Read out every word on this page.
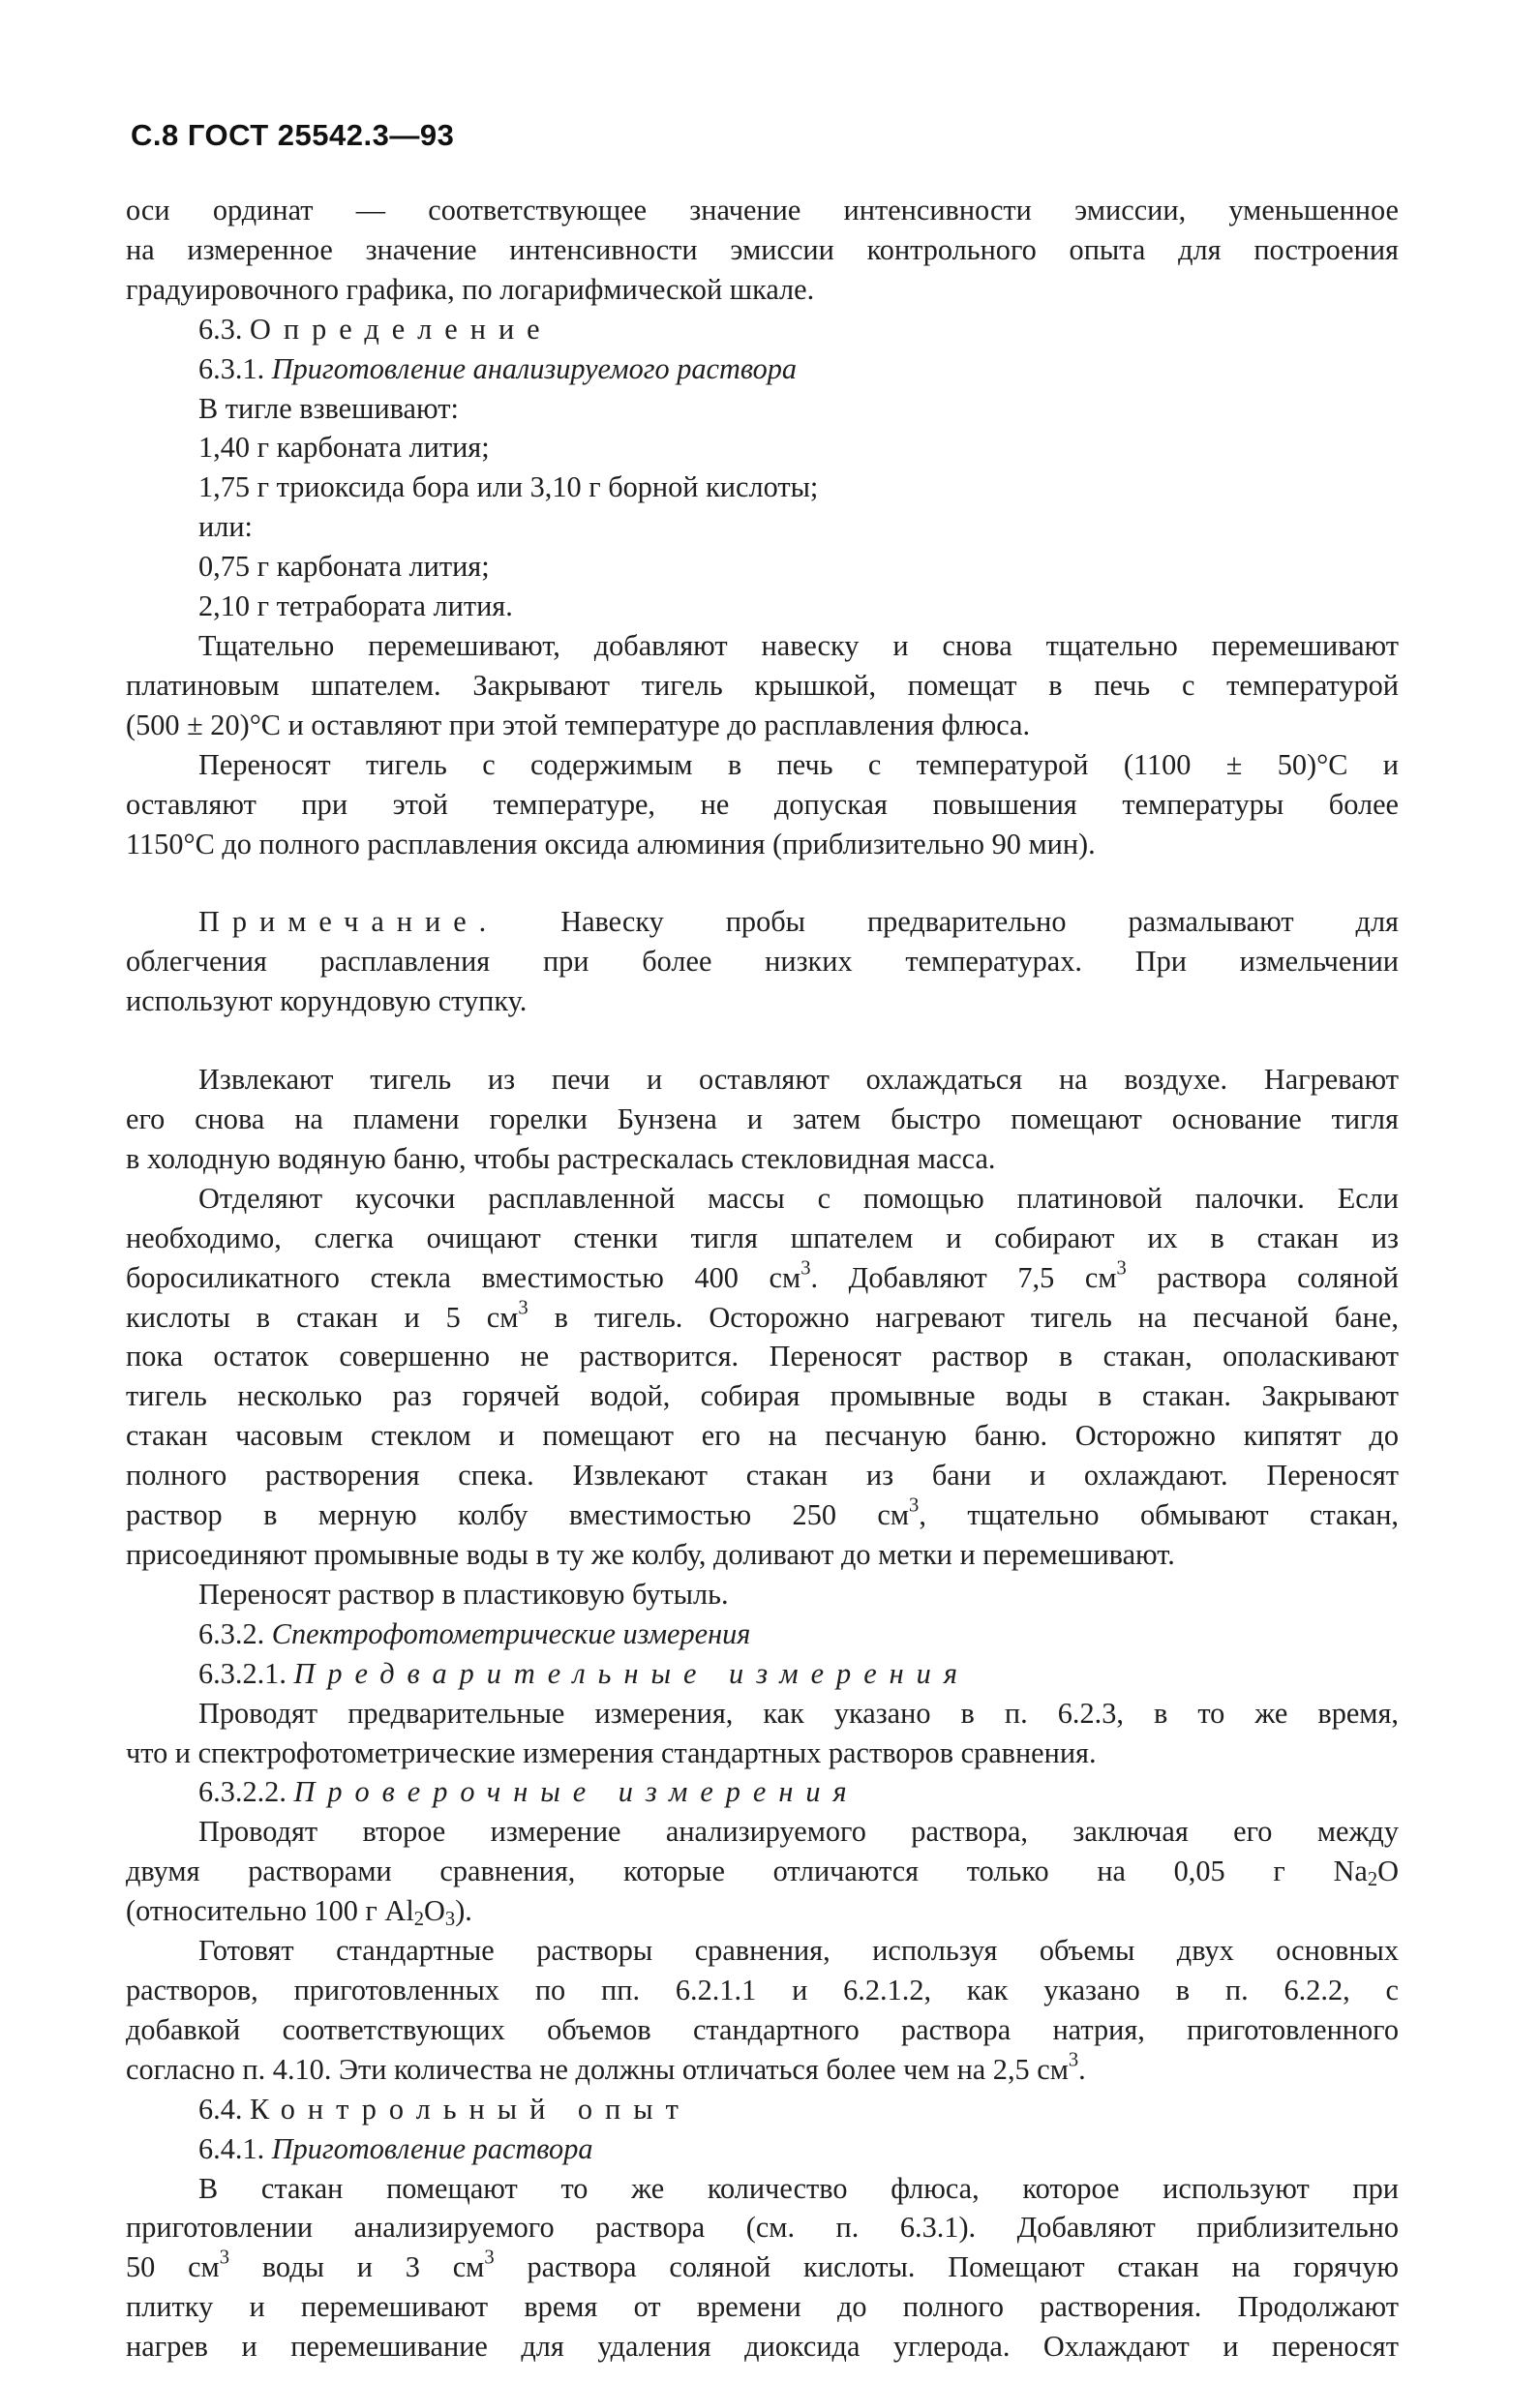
С.8 ГОСТ 25542.3—93

оси ординат — соответствующее значение интенсивности эмиссии, уменьшенное

на измеренное значение интенсивности эмиссии контрольного опыта для построения

градуировочного графика, по логарифмической шкале.

6.3. Определение

6.3.1. Приготовление анализируемого раствора

В тигле взвешивают:

1,40 г карбоната лития;

1,75 г триоксида бора или 3,10 г борной кислоты;

или:

0,75 г карбоната лития;

2,10 г тетрабората лития.

Тщательно перемешивают, добавляют навеску и снова тщательно перемешивают

платиновым шпателем. Закрывают тигель крышкой, помещат в печь с температурой

(500 ± 20)°С и оставляют при этой температуре до расплавления флюса.

Переносят тигель с содержимым в печь с температурой (1100 ± 50)°С и

оставляют при этой температуре, не допуская повышения температуры более

1150°С до полного расплавления оксида алюминия (приблизительно 90 мин).

Примечание. Навеску пробы предварительно размалывают для

облегчения расплавления при более низких температурах. При измельчении

используют корундовую ступку.

Извлекают тигель из печи и оставляют охлаждаться на воздухе. Нагревают

его снова на пламени горелки Бунзена и затем быстро помещают основание тигля

в холодную водяную баню, чтобы растрескалась стекловидная масса.

Отделяют кусочки расплавленной массы с помощью платиновой палочки. Если

необходимо, слегка очищают стенки тигля шпателем и собирают их в стакан из

боросиликатного стекла вместимостью 400 $см^3$. Добавляют 7,5 $см^3$ раствора соляной

кислоты в стакан и 5 $см^3$ в тигель. Осторожно нагревают тигель на песчаной бане,

пока остаток совершенно не растворится. Переносят раствор в стакан, ополаскивают

тигель несколько раз горячей водой, собирая промывные воды в стакан. Закрывают

стакан часовым стеклом и помещают его на песчаную баню. Осторожно кипятят до

полного растворения спека. Извлекают стакан из бани и охлаждают. Переносят

раствор в мерную колбу вместимостью 250 $см^3$, тщательно обмывают стакан,

присоединяют промывные воды в ту же колбу, доливают до метки и перемешивают.

Переносят раствор в пластиковую бутыль.

6.3.2. Спектрофотометрические измерения

6.3.2.1. Предварительные измерения

Проводят предварительные измерения, как указано в п. 6.2.3, в то же время,

что и спектрофотометрические измерения стандартных растворов сравнения.

6.3.2.2. Проверочные измерения

Проводят второе измерение анализируемого раствора, заключая его между

двумя растворами сравнения, которые отличаются только на 0,05 г $Na_2O$

(относительно 100 г $Al_2O_3$).

Готовят стандартные растворы сравнения, используя объемы двух основных

растворов, приготовленных по пп. 6.2.1.1 и 6.2.1.2, как указано в п. 6.2.2, с

добавкой соответствующих объемов стандартного раствора натрия, приготовленного

согласно п. 4.10. Эти количества не должны отличаться более чем на 2,5 $см^3$.

6.4. Контрольный опыт

6.4.1. Приготовление раствора

В стакан помещают то же количество флюса, которое используют при

приготовлении анализируемого раствора (см. п. 6.3.1). Добавляют приблизительно

50 $см^3$ воды и 3 $см^3$ раствора соляной кислоты. Помещают стакан на горячую

плитку и перемешивают время от времени до полного растворения. Продолжают

нагрев и перемешивание для удаления диоксида углерода. Охлаждают и переносят
